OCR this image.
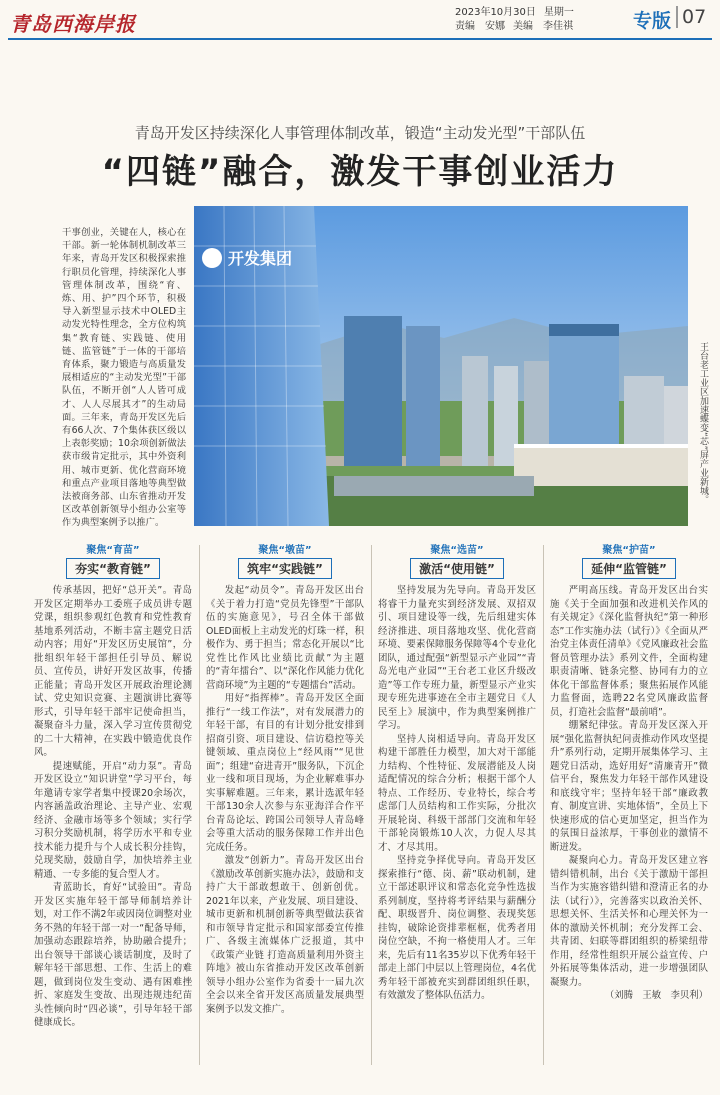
青岛西海岸报	2023年10月30日 星期一
责编　安娜 美编　李佳祺	专版 07
青岛开发区持续深化人事管理体制改革，锻造“主动发光型”干部队伍
“四链”融合，激发干事创业活力

干事创业，关键在人，核心在干部。新一轮体制机制改革三年来，青岛开发区积极探索推行职员化管理，持续深化人事管理体制改革，围绕“育、炼、用、护”四个环节，积极导入新型显示技术中OLED主动发光特性理念，全方位构筑集“教育链、实践链、使用链、监管链”于一体的干部培育体系，聚力锻造与高质量发展相适应的“主动发光型”干部队伍，不断开创“人人皆可成才、人人尽展其才”的生动局面。三年来，青岛开发区先后有66人次、7个集体获区级以上表彰奖励；10余项创新做法获市级肯定批示，其中外资利用、城市更新、优化营商环境和重点产业项目落地等典型做法被商务部、山东省推动开发区改革创新领导小组办公室等作为典型案例予以推广。

开发集团
王台老工业区加速蝶变“芯”屏产业新城。
聚焦“育苗”
夯实“教育链”

传承基因，把好“总开关”。青岛开发区定期举办工委班子成员讲专题党课，组织参观红色教育和党性教育基地系列活动，不断丰富主题党日活动内容；用好“开发区历史展馆”，分批组织年轻干部担任引导员、解说员、宣传员，讲好开发区故事，传播正能量；青岛开发区开展政治理论测试、党史知识竞赛、主题演讲比赛等形式，引导年轻干部牢记使命担当，凝聚奋斗力量，深入学习宣传贯彻党的二十大精神，在实践中锻造优良作风。

提速赋能，开启“动力泵”。青岛开发区设立“知识讲堂”学习平台，每年邀请专家学者集中授课20余场次，内容涵盖政治理论、主导产业、宏观经济、金融市场等多个领域；实行学习积分奖励机制，将学历水平和专业技术能力提升与个人成长积分挂钩，兑现奖励，鼓励自学，加快培养主业精通、一专多能的复合型人才。

青蓝助长，育好“试验田”。青岛开发区实施年轻干部导师制培养计划，对工作不满2年或因岗位调整对业务不熟的年轻干部一对一“配备导师，加强动态跟踪培养，协助融合提升；出台领导干部谈心谈话制度，及时了解年轻干部思想、工作、生活上的难题，做到岗位发生变动、遇有困难挫折、家庭发生变故、出现违规违纪苗头性倾向时“四必谈”，引导年轻干部健康成长。

聚焦“墩苗”
筑牢“实践链”

发起“动员令”。青岛开发区出台《关于着力打造“党员先锋型”干部队伍的实施意见》，号召全体干部做OLED面板上主动发光的灯珠一样，积极作为、勇于担当；常态化开展以“比党性比作风比业绩比贡献”为主题的“青年擂台”、以“深化作风能力优化营商环境”为主题的“专题擂台”活动。

用好“指挥棒”。青岛开发区全面推行“一线工作法”，对有发展潜力的年轻干部，有目的有计划分批安排到招商引资、项目建设、信访稳控等关键领域、重点岗位上“经风雨”“见世面”；组建“奋进青开”服务队，下沉企业一线和项目现场，为企业解难事办实事解难题。三年来，累计选派年轻干部130余人次参与东亚海洋合作平台青岛论坛、跨国公司领导人青岛峰会等重大活动的服务保障工作并出色完成任务。

激发“创新力”。青岛开发区出台《激励改革创新实施办法》，鼓励和支持广大干部敢想敢干、创新创优。2021年以来，产业发展、项目建设、城市更新和机制创新等典型做法获省和市领导肯定批示和国家部委宣传推广、各级主流媒体广泛报道，其中《政策产业链 打造高质量利用外资主阵地》被山东省推动开发区改革创新领导小组办公室作为省委十一届九次全会以来全省开发区高质量发展典型案例予以发文推广。

聚焦“选苗”
激活“使用链”

坚持发展为先导向。青岛开发区将睿干力量充实到经济发展、双招双引、项目建设等一线，先后组建实体经济推进、项目落地攻坚、优化营商环境、要素保障服务保障等4个专业化团队，通过配强“新型显示产业园”“青岛光电产业园”“王台老工业区升级改造”等工作专班力量，新型显示产业实现专班先进事迹在全市主题党日《人民至上》展演中，作为典型案例推广学习。

坚持人岗相适导向。青岛开发区构建干部胜任力模型，加大对干部能力结构、个性特征、发展潜能及人岗适配情况的综合分析；根据干部个人特点、工作经历、专业特长，综合考虑部门人员结构和工作实际，分批次开展轮岗、科级干部部门交流和年轻干部轮岗锻炼10人次，力促人尽其才、才尽其用。

坚持竞争择优导向。青岛开发区探索推行“德、岗、薪”联动机制，建立干部述职评议和常态化竞争性选拔系列制度，坚持将考评结果与薪酬分配、职级晋升、岗位调整、表现奖惩挂钩，破除论资排辈框框，优秀者用岗位空缺，不拘一格使用人才。三年来，先后有11名35岁以下优秀年轻干部走上部门中层以上管理岗位，4名优秀年轻干部被充实到群团组织任职，有效激发了整体队伍活力。

聚焦“护苗”
延伸“监管链”

严明高压线。青岛开发区出台实施《关于全面加强和改进机关作风的有关规定》《深化监督执纪“第一种形态”工作实施办法（试行）》《全面从严治党主体责任清单》《党风廉政社会监督员管理办法》系列文件，全面构建职责清晰、链条完整、协同有力的立体化干部监督体系；聚焦拓展作风能力监督面，选聘22名党风廉政监督员，打造社会监督“最前哨”。

绷紧纪律弦。青岛开发区深入开展“强化监督执纪问责推动作风攻坚提升”系列行动，定期开展集体学习、主题党日活动，选好用好“清廉青开”微信平台，聚焦发力年轻干部作风建设和底线守牢；坚持年轻干部“廉政教育、制度宣讲、实地体悟”，全员上下快速形成的信心更加坚定，担当作为的氛围日益浓厚，干事创业的激情不断迸发。

凝聚向心力。青岛开发区建立容错纠错机制，出台《关于激励干部担当作为实施容错纠错和澄清正名的办法（试行）》，完善落实以政治关怀、思想关怀、生活关怀和心理关怀为一体的激励关怀机制；充分发挥工会、共青团、妇联等群团组织的桥梁纽带作用，经常性组织开展公益宣传、户外拓展等集体活动，进一步增强团队凝聚力。

（刘腾　王敏　李贝利）
